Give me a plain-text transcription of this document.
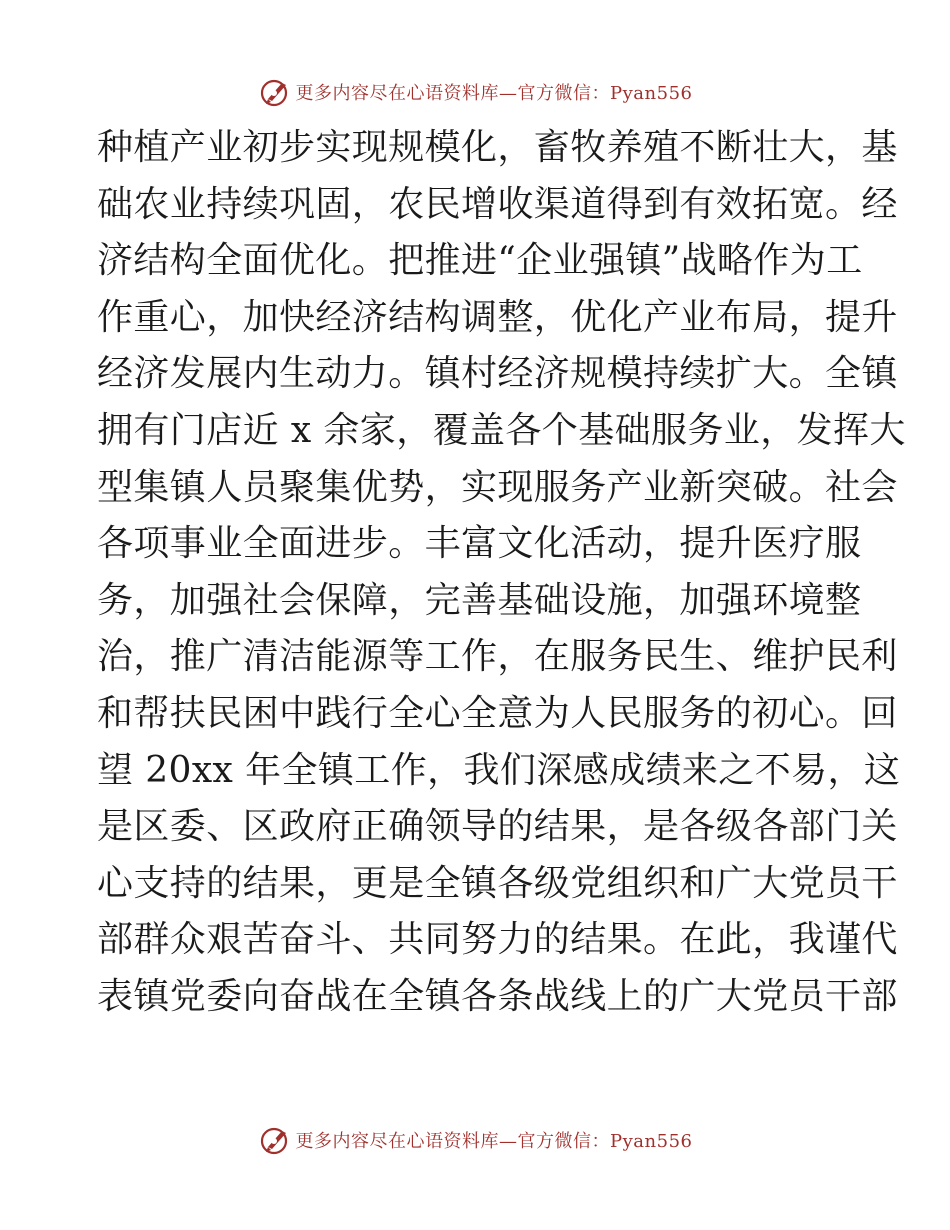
更多内容尽在心语资料库—官方微信：Pyan556
种植产业初步实现规模化，畜牧养殖不断壮大，基
础农业持续巩固，农民增收渠道得到有效拓宽。经
济结构全面优化。把推进“企业强镇”战略作为工
作重心，加快经济结构调整，优化产业布局，提升
经济发展内生动力。镇村经济规模持续扩大。全镇
拥有门店近 x 余家，覆盖各个基础服务业，发挥大
型集镇人员聚集优势，实现服务产业新突破。社会
各项事业全面进步。丰富文化活动，提升医疗服
务，加强社会保障，完善基础设施，加强环境整
治，推广清洁能源等工作，在服务民生、维护民利
和帮扶民困中践行全心全意为人民服务的初心。回
望 20xx 年全镇工作，我们深感成绩来之不易，这
是区委、区政府正确领导的结果，是各级各部门关
心支持的结果，更是全镇各级党组织和广大党员干
部群众艰苦奋斗、共同努力的结果。在此，我谨代
表镇党委向奋战在全镇各条战线上的广大党员干部
更多内容尽在心语资料库—官方微信：Pyan556
